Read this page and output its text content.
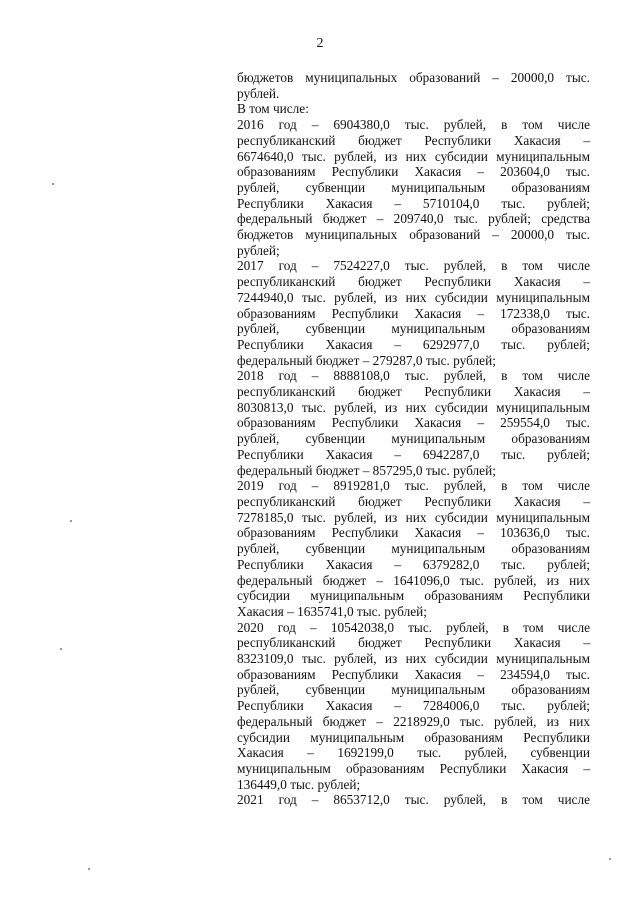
2
бюджетов муниципальных образований – 20000,0 тыс.
рублей.
В том числе:
2016 год – 6904380,0 тыс. рублей, в том числе
республиканский бюджет Республики Хакасия –
6674640,0 тыс. рублей, из них субсидии муниципальным
образованиям Республики Хакасия – 203604,0 тыс.
рублей, субвенции муниципальным образованиям
Республики Хакасия – 5710104,0 тыс. рублей;
федеральный бюджет – 209740,0 тыс. рублей; средства
бюджетов муниципальных образований – 20000,0 тыс.
рублей;
2017 год – 7524227,0 тыс. рублей, в том числе
республиканский бюджет Республики Хакасия –
7244940,0 тыс. рублей, из них субсидии муниципальным
образованиям Республики Хакасия – 172338,0 тыс.
рублей, субвенции муниципальным образованиям
Республики Хакасия – 6292977,0 тыс. рублей;
федеральный бюджет – 279287,0 тыс. рублей;
2018 год – 8888108,0 тыс. рублей, в том числе
республиканский бюджет Республики Хакасия –
8030813,0 тыс. рублей, из них субсидии муниципальным
образованиям Республики Хакасия – 259554,0 тыс.
рублей, субвенции муниципальным образованиям
Республики Хакасия – 6942287,0 тыс. рублей;
федеральный бюджет – 857295,0 тыс. рублей;
2019 год – 8919281,0 тыс. рублей, в том числе
республиканский бюджет Республики Хакасия –
7278185,0 тыс. рублей, из них субсидии муниципальным
образованиям Республики Хакасия – 103636,0 тыс.
рублей, субвенции муниципальным образованиям
Республики Хакасия – 6379282,0 тыс. рублей;
федеральный бюджет – 1641096,0 тыс. рублей, из них
субсидии муниципальным образованиям Республики
Хакасия – 1635741,0 тыс. рублей;
2020 год – 10542038,0 тыс. рублей, в том числе
республиканский бюджет Республики Хакасия –
8323109,0 тыс. рублей, из них субсидии муниципальным
образованиям Республики Хакасия – 234594,0 тыс.
рублей, субвенции муниципальным образованиям
Республики Хакасия – 7284006,0 тыс. рублей;
федеральный бюджет – 2218929,0 тыс. рублей, из них
субсидии муниципальным образованиям Республики
Хакасия – 1692199,0 тыс. рублей, субвенции
муниципальным образованиям Республики Хакасия –
136449,0 тыс. рублей;
2021 год – 8653712,0 тыс. рублей, в том числе
